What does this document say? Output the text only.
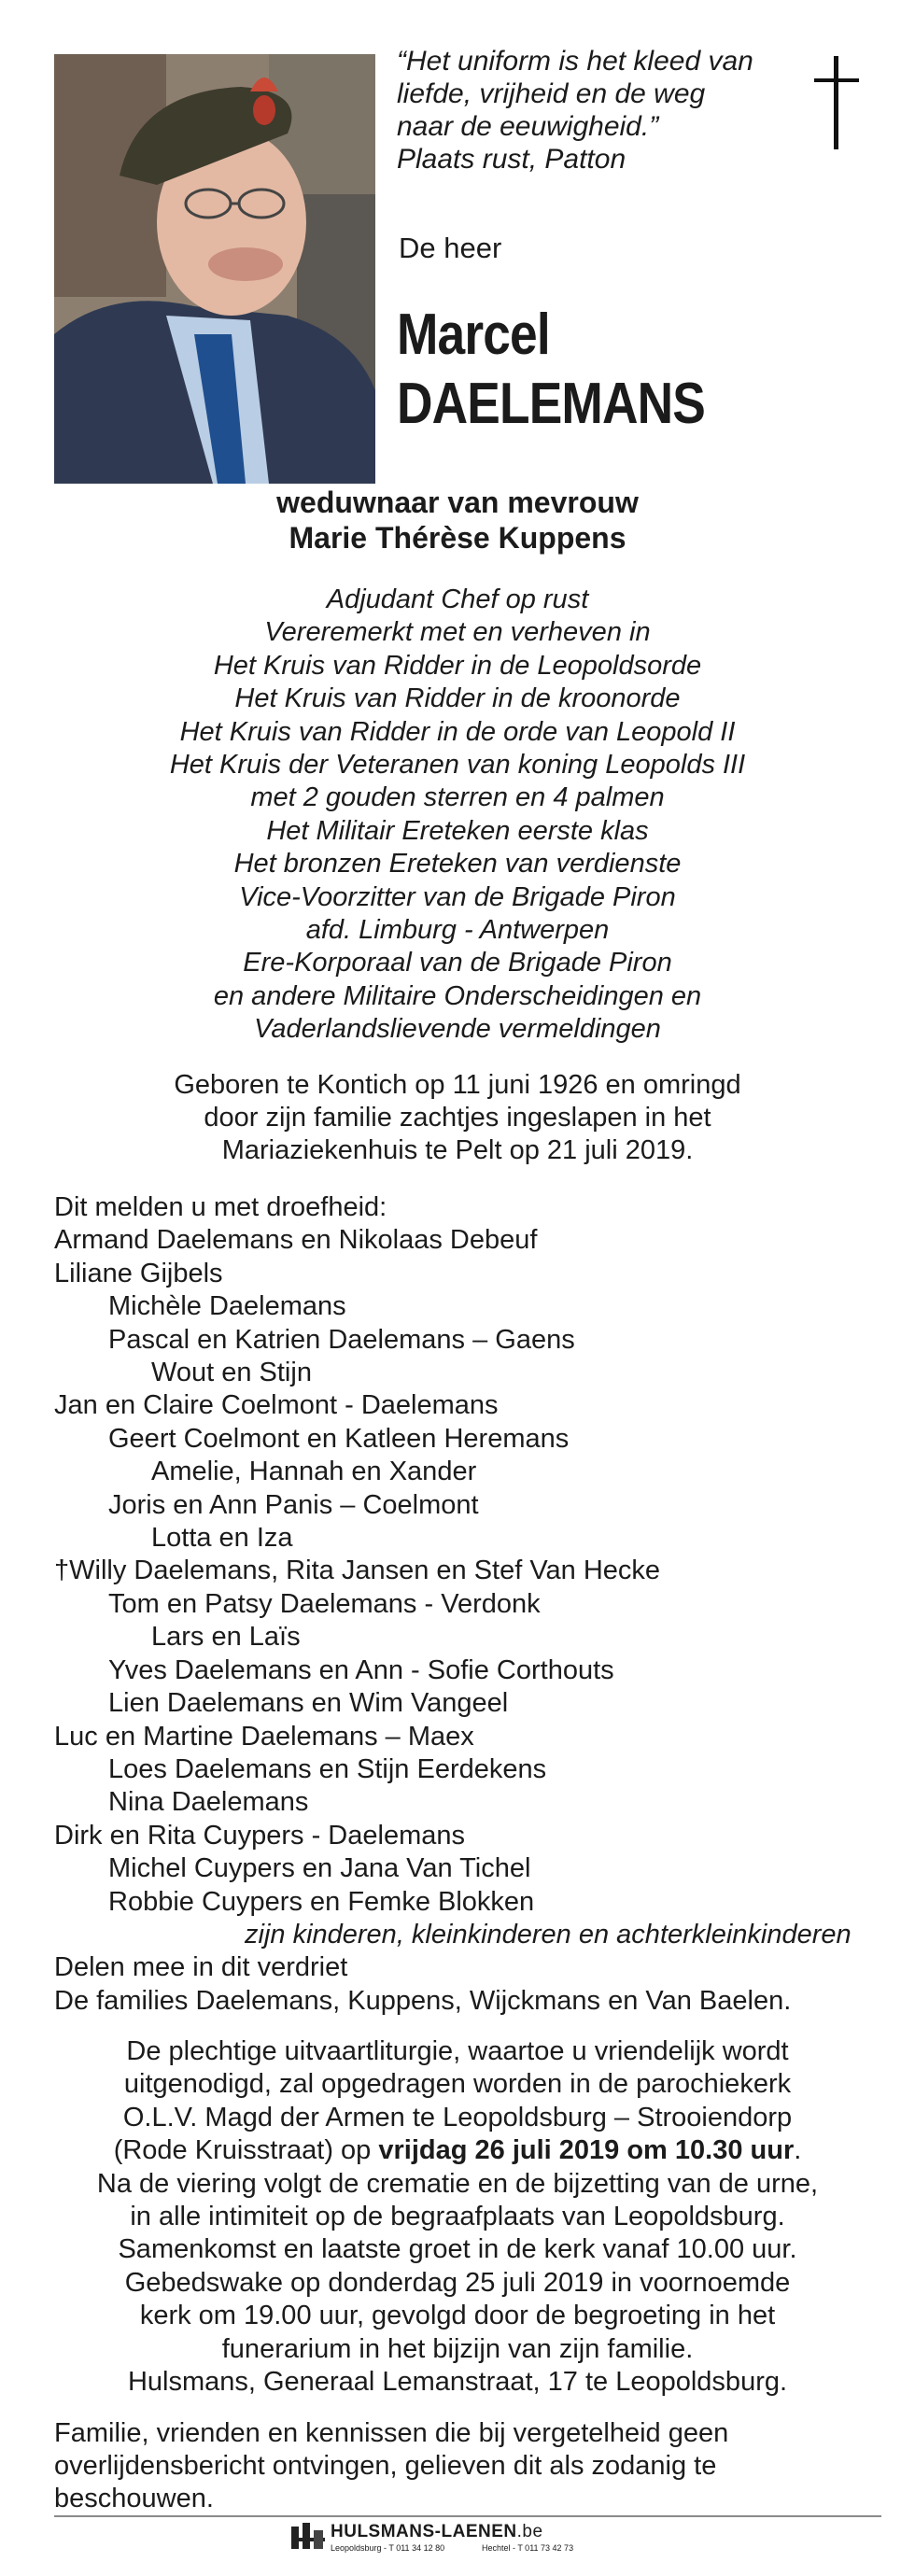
“Het uniform is het kleed van
liefde, vrijheid en de weg
naar de eeuwigheid.”
Plaats rust, Patton
De heer
Marcel
DAELEMANS
weduwnaar van mevrouw
Marie Thérèse Kuppens
Adjudant Chef op rust
Vereremerkt met en verheven in
Het Kruis van Ridder in de Leopoldsorde
Het Kruis van Ridder in de kroonorde
Het Kruis van Ridder in de orde van Leopold II
Het Kruis der Veteranen van koning Leopolds III
met 2 gouden sterren en 4 palmen
Het Militair Ereteken eerste klas
Het bronzen Ereteken van verdienste
Vice-Voorzitter van de Brigade Piron
afd. Limburg - Antwerpen
Ere-Korporaal van de Brigade Piron
en andere Militaire Onderscheidingen en
Vaderlandslievende vermeldingen
Geboren te Kontich op 11 juni 1926 en omringd
door zijn familie zachtjes ingeslapen in het
Mariaziekenhuis te Pelt op 21 juli 2019.
Dit melden u met droefheid:
Armand Daelemans en Nikolaas Debeuf
Liliane Gijbels
Michèle Daelemans
Pascal en Katrien Daelemans – Gaens
Wout en Stijn
Jan en Claire Coelmont - Daelemans
Geert Coelmont en Katleen Heremans
Amelie, Hannah en Xander
Joris en Ann Panis – Coelmont
Lotta en Iza
†Willy Daelemans, Rita Jansen en Stef Van Hecke
Tom en Patsy Daelemans - Verdonk
Lars en Laïs
Yves Daelemans en Ann - Sofie Corthouts
Lien Daelemans en Wim Vangeel
Luc en Martine Daelemans – Maex
Loes Daelemans en Stijn Eerdekens
Nina Daelemans
Dirk en Rita Cuypers - Daelemans
Michel Cuypers en Jana Van Tichel
Robbie Cuypers en Femke Blokken
zijn kinderen, kleinkinderen en achterkleinkinderen
Delen mee in dit verdriet
De families Daelemans, Kuppens, Wijckmans en Van Baelen.
De plechtige uitvaartliturgie, waartoe u vriendelijk wordt
uitgenodigd, zal opgedragen worden in de parochiekerk
O.L.V. Magd der Armen te Leopoldsburg – Strooiendorp
(Rode Kruisstraat) op vrijdag 26 juli 2019 om 10.30 uur.
Na de viering volgt de crematie en de bijzetting van de urne,
in alle intimiteit op de begraafplaats van Leopoldsburg.
Samenkomst en laatste groet in de kerk vanaf 10.00 uur.
Gebedswake op donderdag 25 juli 2019 in voornoemde
kerk om 19.00 uur, gevolgd door de begroeting in het
funerarium in het bijzijn van zijn familie.
Hulsmans, Generaal Lemanstraat, 17 te Leopoldsburg.
Familie, vrienden en kennissen die bij vergetelheid geen
overlijdensbericht ontvingen, gelieven dit als zodanig te
beschouwen.
HULSMANS-LAENEN.be
Leopoldsburg - T 011 34 12 80	Hechtel - T 011 73 42 73
